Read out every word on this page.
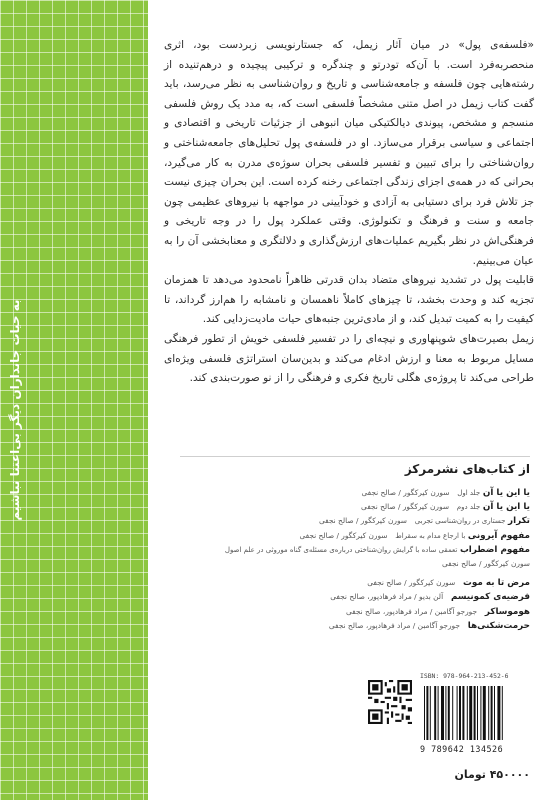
به حیات جانداران دیگر بی‌اعتنا نباشیم

«فلسفه‌ی پول» در میان آثار زیمل، که جستارنویسی زبردست بود، اثری منحصربه‌فرد است. با آن‌که تودرتو و چندگره و ترکیبی پیچیده و درهم‌تنیده از رشته‌هایی چون فلسفه و جامعه‌شناسی و تاریخ و روان‌شناسی به نظر می‌رسد، باید گفت کتاب زیمل در اصل متنی مشخصاً فلسفی است که، به مدد یک روش فلسفی منسجم و مشخص، پیوندی دیالکتیکی میان انبوهی از جزئیات تاریخی و اقتصادی و اجتماعی و سیاسی برقرار می‌سازد. او در فلسفه‌ی پول تحلیل‌های جامعه‌شناختی و روان‌شناختی را برای تبیین و تفسیر فلسفی بحران سوژه‌ی مدرن به کار می‌گیرد، بحرانی که در همه‌ی اجزای زندگی اجتماعی رخنه کرده است. این بحران چیزی نیست جز تلاش فرد برای دستیابی به آزادی و خودآیینی در مواجهه با نیروهای عظیمی چون جامعه و سنت و فرهنگ و تکنولوژی. وقتی عملکرد پول را در وجه تاریخی و فرهنگی‌اش در نظر بگیریم عملیات‌های ارزش‌گذاری و دلالتگری و معنابخشی آن را به عیان می‌بینیم.

قابلیت پول در تشدید نیروهای متضاد بدان قدرتی ظاهراً نامحدود می‌دهد تا همزمان تجزیه کند و وحدت بخشد، تا چیزهای کاملاً ناهمسان و نامشابه را هم‌ارز گرداند، تا کیفیت را به کمیت تبدیل کند، و از مادی‌ترین جنبه‌های حیات مادیت‌زدایی کند.

زیمل بصیرت‌های شوپنهاوری و نیچه‌ای را در تفسیر فلسفی خویش از تطور فرهنگی مسایل مربوط به معنا و ارزش ادغام می‌کند و بدین‌سان استراتژی فلسفی ویژه‌ای طراحی می‌کند تا پروژه‌ی هگلی تاریخ فکری و فرهنگی را از نو صورت‌بندی کند.

از کتاب‌های نشرمرکز
یا این یا آن جلد اول   سورن کیرکگور / صالح نجفی
یا این یا آن جلد دوم   سورن کیرکگور / صالح نجفی
تکرار جستاری در روان‌شناسی تجربی   سورن کیرکگور / صالح نجفی
مفهوم آیرونی با ارجاع مدام به سقراط   سورن کیرکگور / صالح نجفی
مفهوم اضطراب تعمقی ساده با گرایش روان‌شناختی درباره‌ی مسئله‌ی گناه موروثی در علم اصول
سورن کیرکگور / صالح نجفی
مرض تا به موت   سورن کیرکگور / صالح نجفی
فرضیه‌ی کمونیسم   آلن بدیو / مراد فرهادپور، صالح نجفی
هوموساکر   جورجو آگامبن / مراد فرهادپور، صالح نجفی
حرمت‌شکنی‌ها   جورجو آگامبن / مراد فرهادپور، صالح نجفی
ISBN: 978-964-213-452-6
9 789642 134526
۴۵۰۰۰۰ تومان
